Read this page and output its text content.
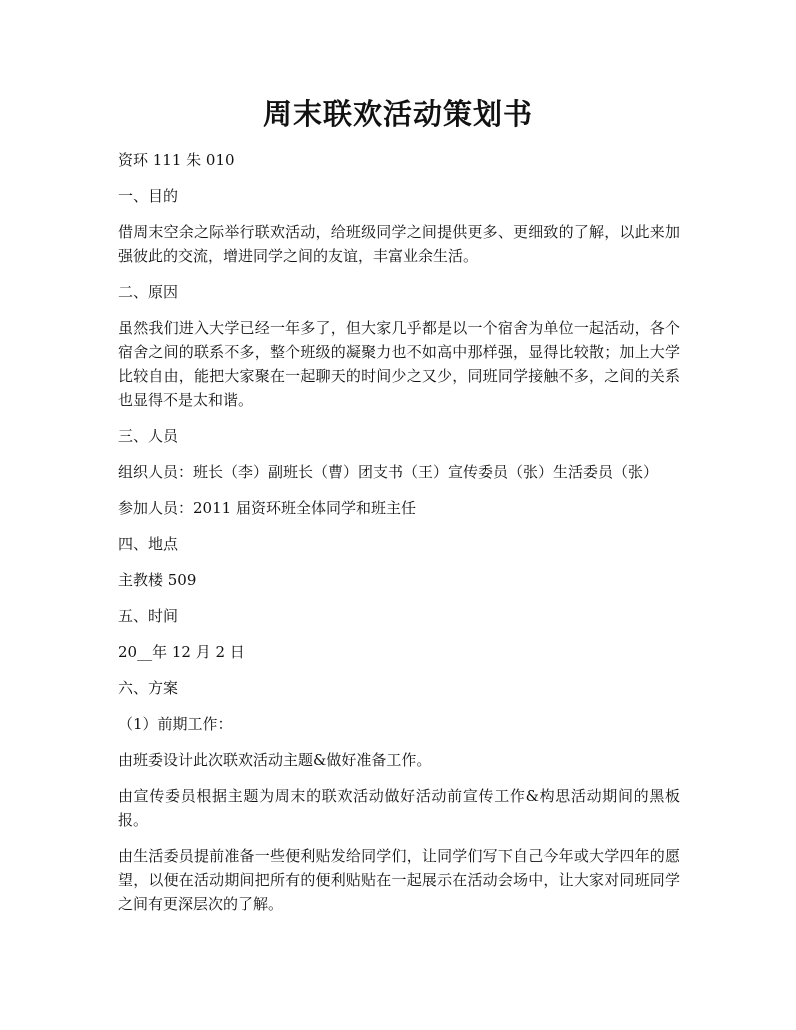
周末联欢活动策划书

资环 111 朱 010

一、目的

借周末空余之际举行联欢活动，给班级同学之间提供更多、更细致的了解，以此来加强彼此的交流，增进同学之间的友谊，丰富业余生活。

二、原因

虽然我们进入大学已经一年多了，但大家几乎都是以一个宿舍为单位一起活动，各个宿舍之间的联系不多，整个班级的凝聚力也不如高中那样强，显得比较散；加上大学比较自由，能把大家聚在一起聊天的时间少之又少，同班同学接触不多，之间的关系也显得不是太和谐。

三、人员

组织人员：班长（李）副班长（曹）团支书（王）宣传委员（张）生活委员（张）

参加人员：2011 届资环班全体同学和班主任

四、地点

主教楼 509

五、时间

20__年 12 月 2 日

六、方案

（1）前期工作：

由班委设计此次联欢活动主题&做好准备工作。

由宣传委员根据主题为周末的联欢活动做好活动前宣传工作&构思活动期间的黑板报。

由生活委员提前准备一些便利贴发给同学们，让同学们写下自己今年或大学四年的愿望，以便在活动期间把所有的便利贴贴在一起展示在活动会场中，让大家对同班同学之间有更深层次的了解。
